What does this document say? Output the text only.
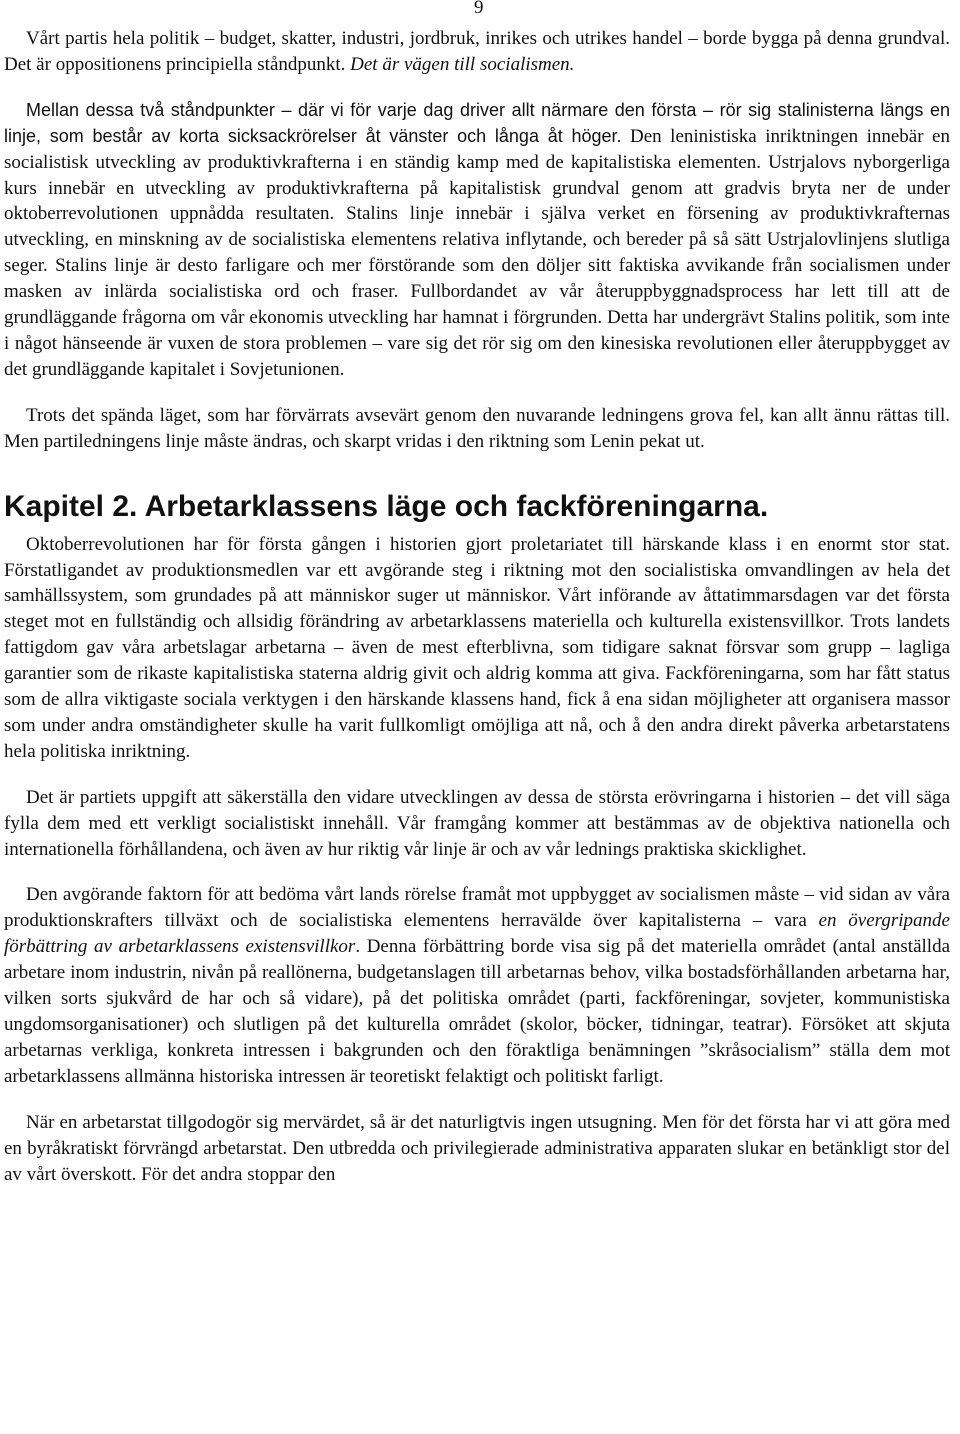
9

Vårt partis hela politik – budget, skatter, industri, jordbruk, inrikes och utrikes handel – borde bygga på denna grundval. Det är oppositionens principiella ståndpunkt. Det är vägen till socialismen.

Mellan dessa två ståndpunkter – där vi för varje dag driver allt närmare den första – rör sig stalinisterna längs en linje, som består av korta sicksackrörelser åt vänster och långa åt höger. Den leninistiska inriktningen innebär en socialistisk utveckling av produktivkrafterna i en ständig kamp med de kapitalistiska elementen. Ustrjalovs nyborgerliga kurs innebär en utveckling av produktivkrafterna på kapitalistisk grundval genom att gradvis bryta ner de under oktoberrevolutionen uppnådda resultaten. Stalins linje innebär i själva verket en försening av produktivkrafternas utveckling, en minskning av de socialistiska elementens relativa inflytande, och bereder på så sätt Ustrjalovlinjens slutliga seger. Stalins linje är desto farligare och mer förstörande som den döljer sitt faktiska avvikande från socialismen under masken av inlärda socialistiska ord och fraser. Fullbordandet av vår återuppbyggnadsprocess har lett till att de grundläggande frågorna om vår ekonomis utveckling har hamnat i förgrunden. Detta har undergrävt Stalins politik, som inte i något hänseende är vuxen de stora problemen – vare sig det rör sig om den kinesiska revolutionen eller återuppbygget av det grundläggande kapitalet i Sovjetunionen.

Trots det spända läget, som har förvärrats avsevärt genom den nuvarande ledningens grova fel, kan allt ännu rättas till. Men partiledningens linje måste ändras, och skarpt vridas i den riktning som Lenin pekat ut.

Kapitel 2. Arbetarklassens läge och fackföreningarna.

Oktoberrevolutionen har för första gången i historien gjort proletariatet till härskande klass i en enormt stor stat. Förstatligandet av produktionsmedlen var ett avgörande steg i riktning mot den socialistiska omvandlingen av hela det samhällssystem, som grundades på att människor suger ut människor. Vårt införande av åttatimmarsdagen var det första steget mot en fullständig och allsidig förändring av arbetarklassens materiella och kulturella existensvillkor. Trots landets fattigdom gav våra arbetslagar arbetarna – även de mest efterblivna, som tidigare saknat försvar som grupp – lagliga garantier som de rikaste kapitalistiska staterna aldrig givit och aldrig komma att giva. Fackföreningarna, som har fått status som de allra viktigaste sociala verktygen i den härskande klassens hand, fick å ena sidan möjligheter att organisera massor som under andra omständigheter skulle ha varit fullkomligt omöjliga att nå, och å den andra direkt påverka arbetarstatens hela politiska inriktning.

Det är partiets uppgift att säkerställa den vidare utvecklingen av dessa de största erövringarna i historien – det vill säga fylla dem med ett verkligt socialistiskt innehåll. Vår framgång kommer att bestämmas av de objektiva nationella och internationella förhållandena, och även av hur riktig vår linje är och av vår lednings praktiska skicklighet.

Den avgörande faktorn för att bedöma vårt lands rörelse framåt mot uppbygget av socialismen måste – vid sidan av våra produktionskrafters tillväxt och de socialistiska elementens herravälde över kapitalisterna – vara en övergripande förbättring av arbetarklassens existensvillkor. Denna förbättring borde visa sig på det materiella området (antal anställda arbetare inom industrin, nivån på reallönerna, budgetanslagen till arbetarnas behov, vilka bostadsförhållanden arbetarna har, vilken sorts sjukvård de har och så vidare), på det politiska området (parti, fackföreningar, sovjeter, kommunistiska ungdomsorganisationer) och slutligen på det kulturella området (skolor, böcker, tidningar, teatrar). Försöket att skjuta arbetarnas verkliga, konkreta intressen i bakgrunden och den föraktliga benämningen ”skråsocialism” ställa dem mot arbetarklassens allmänna historiska intressen är teoretiskt felaktigt och politiskt farligt.

När en arbetarstat tillgodogör sig mervärdet, så är det naturligtvis ingen utsugning. Men för det första har vi att göra med en byråkratiskt förvrängd arbetarstat. Den utbredda och privilegierade administrativa apparaten slukar en betänkligt stor del av vårt överskott. För det andra stoppar den
